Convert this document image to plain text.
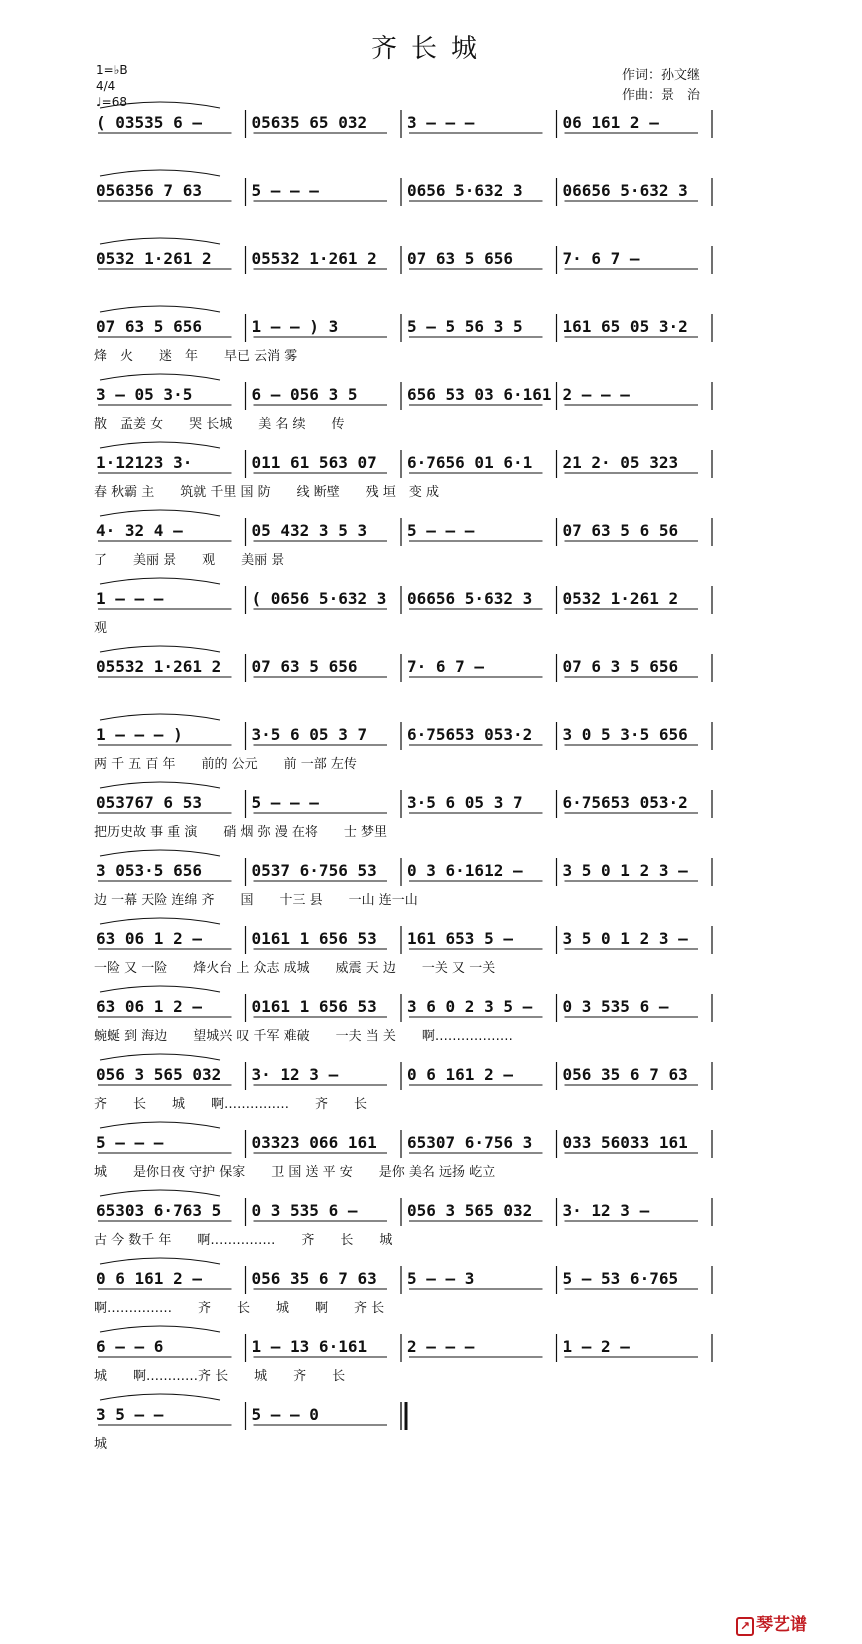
齐长城
1=♭B
4/4
♩=68
作词：孙文继
作曲：景　治
( 03535 6 –	05635 65 032 3 – – –	06 161 2 –
056356 7 63	5 – – –	0656 5·632 3 06656 5·632 3
0532 1·261 2 05532 1·261 2 07 63 5 656	7· 6 7 –
07 63 5 656	1 – – ) 3	5 – 5 56 3 5 161 65 05 3·2
烽　火　　迷　年　　早已 云消 雾
3 – 05 3·5	6 – 056 3 5	656 53 03 6·161 2 – – –
散　孟姜 女　　哭 长城　　美 名 续　　传
1·12123 3·	011 61 563 07 6·7656 01 6·1 21 2· 05 323
春 秋霸 主　　筑就 千里 国 防　　线 断壁　　残 垣　变 成
4· 32 4 –	05 432 3 5 3 5 – – –	07 63 5 6 56
了　　美丽 景　　观　　美丽 景
1 – – –	( 0656 5·632 3 06656 5·632 3 0532 1·261 2
观
05532 1·261 2 07 63 5 656	7· 6 7 –	07 6 3 5 656
1 – – – )	3·5 6 05 3 7 6·75653 053·2 3 0 5 3·5 656
两 千 五 百 年　　前的 公元　　前 一部 左传
053767 6 53	5 – – –	3·5 6 05 3 7 6·75653 053·2
把历史故 事 重 演　　硝 烟 弥 漫 在将　　士 梦里
3 053·5 656	0537 6·756 53 0 3 6·1612 – 3 5 0 1 2 3 –
边 一幕 天险 连绵 齐　　国　　十三 县　　一山 连一山
63 06 1 2 –	0161 1 656 53 161 653 5 –	3 5 0 1 2 3 –
一险 又 一险　　烽火台 上 众志 成城　　威震 天 边　　一关 又 一关
63 06 1 2 –	0161 1 656 53 3 6 0 2 3 5 – 0 3 535 6 –
蜿蜒 到 海边　　望城兴 叹 千军 难破　　一夫 当 关　　啊………………
056 3 565 032 3· 12 3 –	0 6 161 2 –	056 35 6 7 63
齐　　长　　城　　啊……………　　齐　　长
5 – – –	03323 066 161 65307 6·756 3 033 56033 161
城　　是你日夜 守护 保家　　卫 国 送 平 安　　是你 美名 远扬 屹立
65303 6·763 5 0 3 535 6 –	056 3 565 032 3· 12 3 –
古 今 数千 年　　啊……………　　齐　　长　　城
0 6 161 2 –	056 35 6 7 63 5 – – 3	5 – 53 6·765
啊……………　　齐　　长　　城　　啊　　齐 长
6 – – 6	1 – 13 6·161 2 – – –	1 – 2 –
城　　啊…………齐 长　　城　　齐　　长
3 5 – –	5 – – 0
城
↗ 琴艺谱
